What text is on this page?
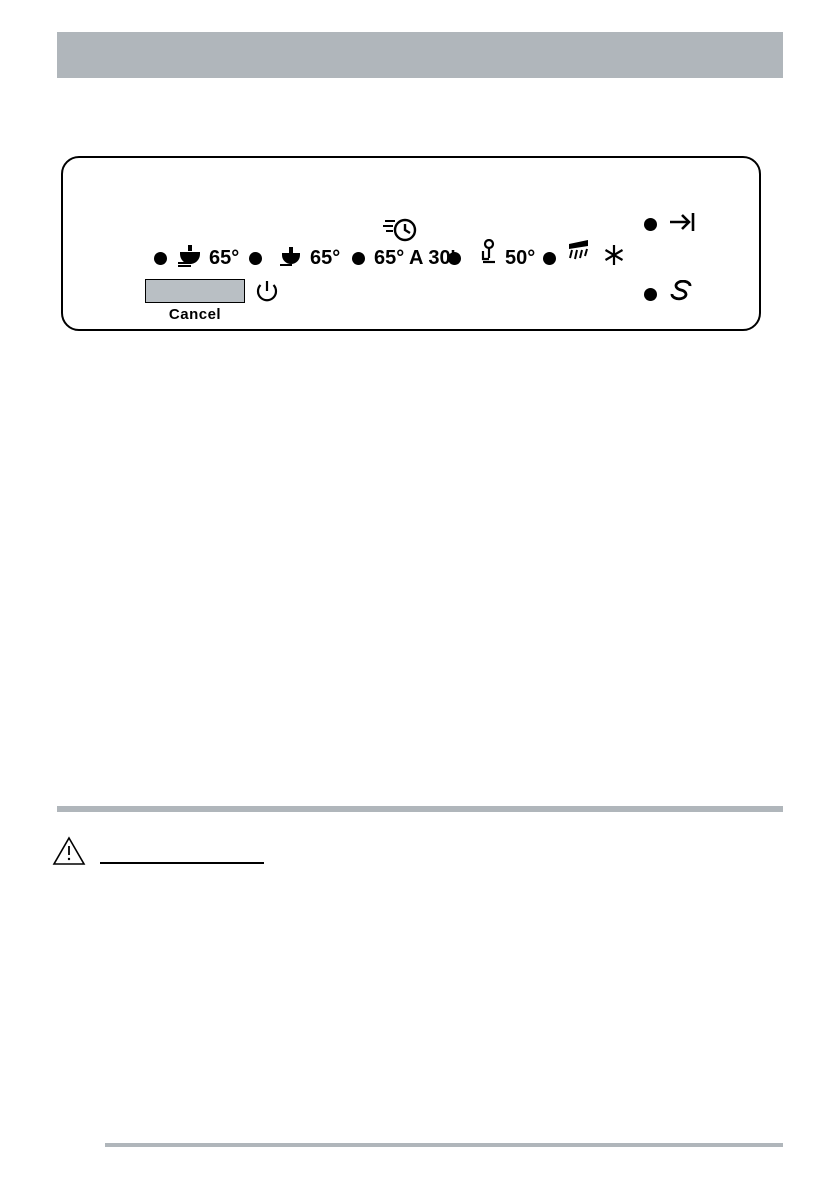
65°	65° 65° A 30' 50°
Cancel
